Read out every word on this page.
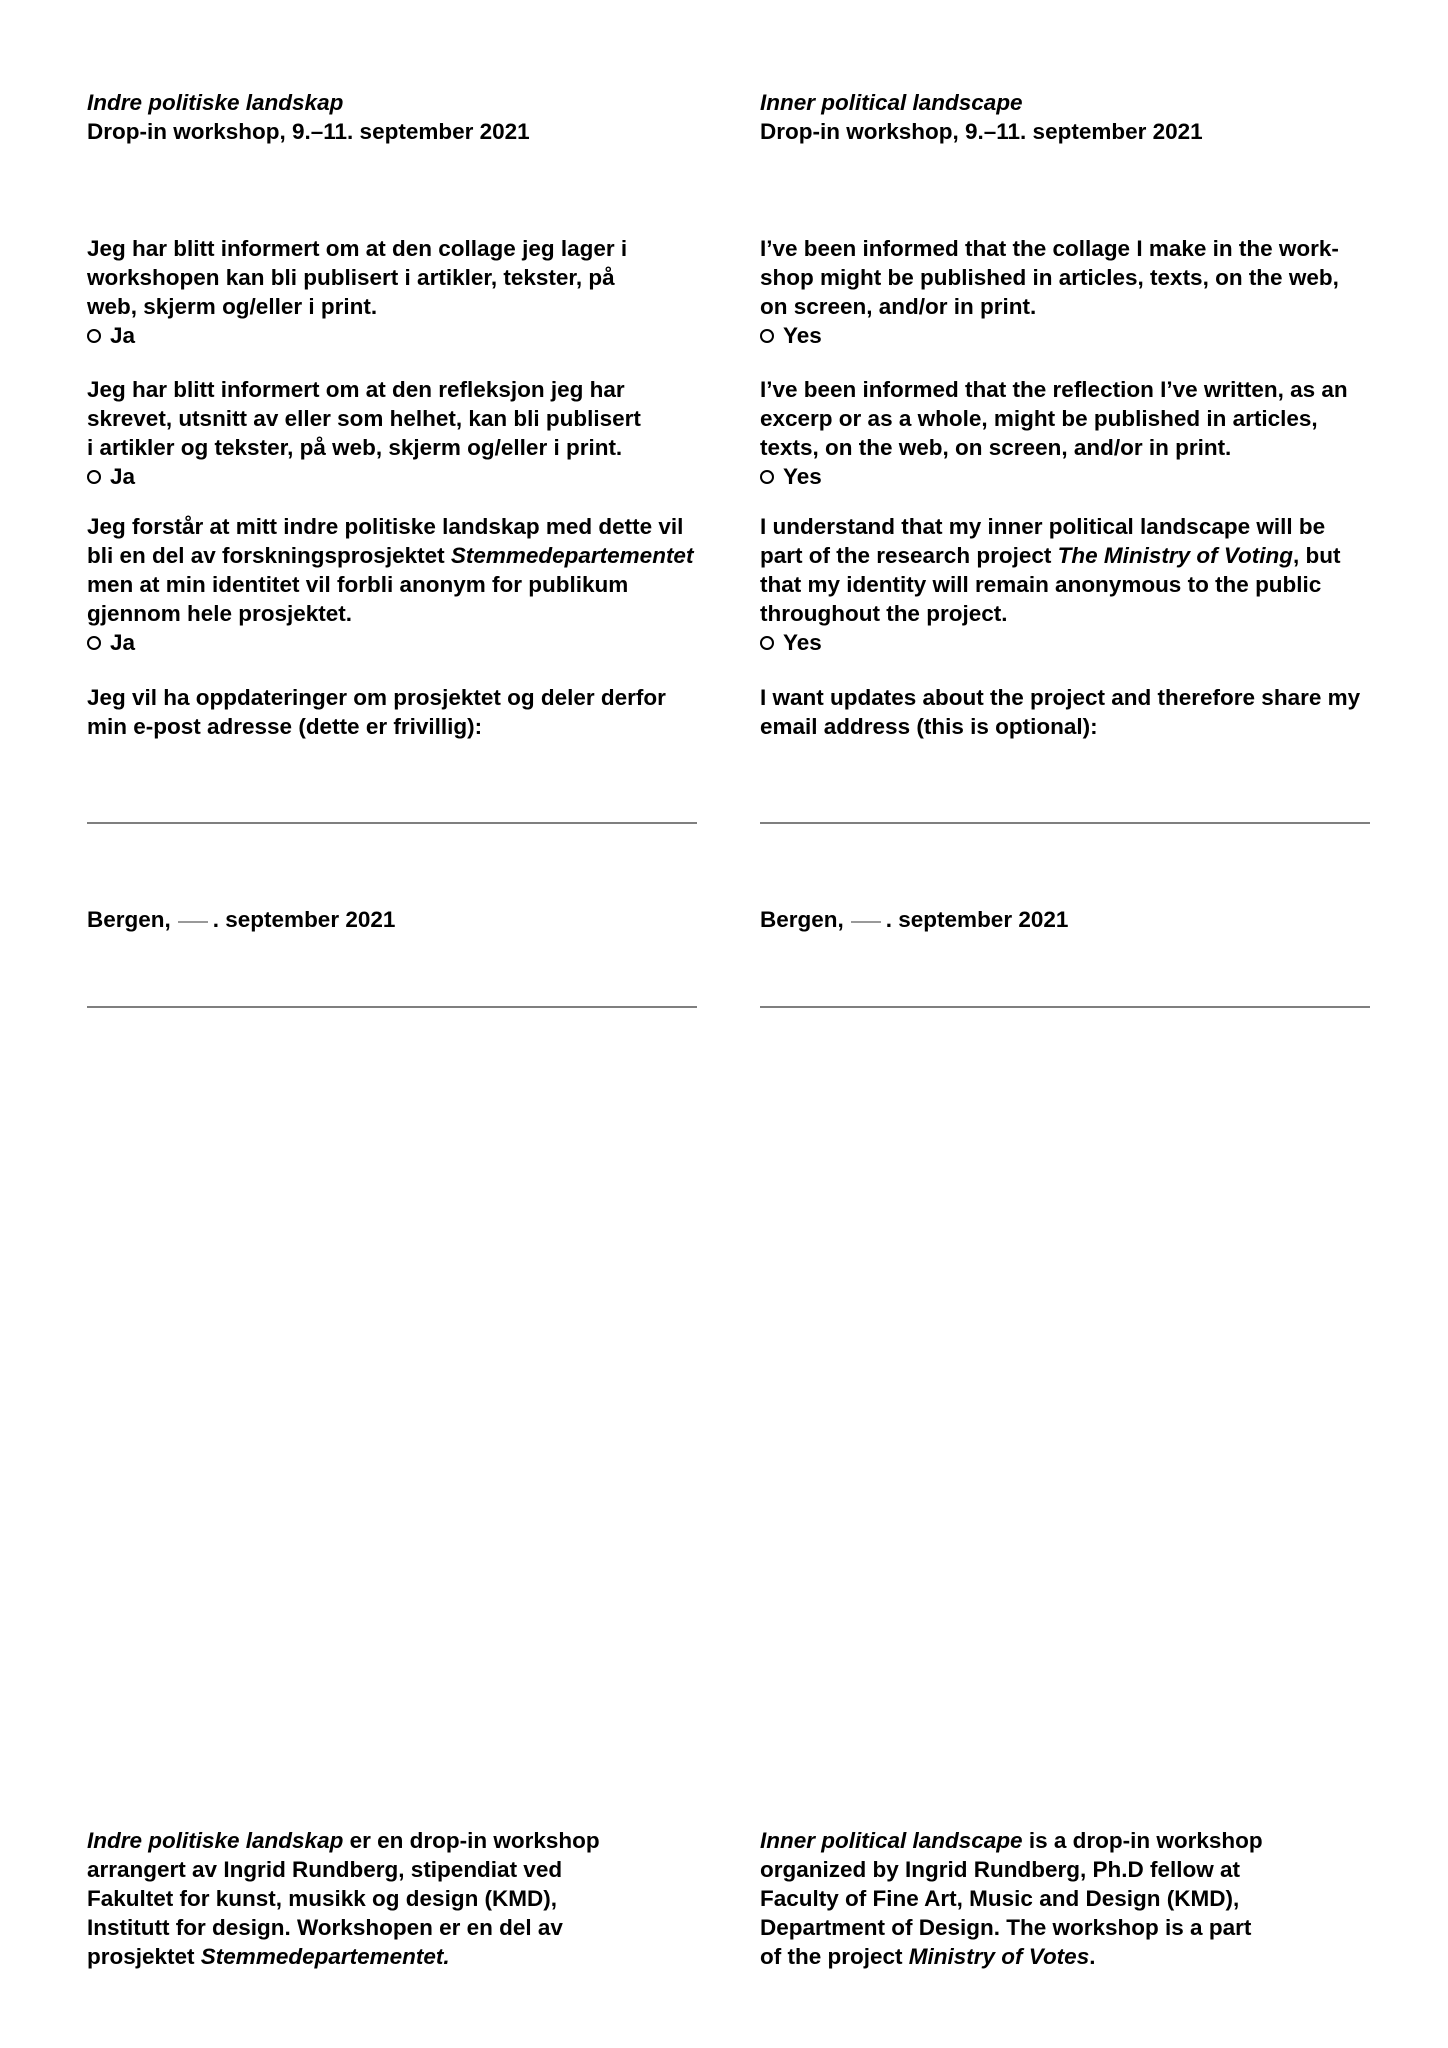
Indre politiske landskap
Drop-in workshop, 9.–11. september 2021
Jeg har blitt informert om at den collage jeg lager i
workshopen kan bli publisert i artikler, tekster, på
web, skjerm og/eller i print.
Ja
Jeg har blitt informert om at den refleksjon jeg har
skrevet, utsnitt av eller som helhet, kan bli publisert
i artikler og tekster, på web, skjerm og/eller i print.
Ja
Jeg forstår at mitt indre politiske landskap med dette vil
bli en del av forskningsprosjektet Stemmedepartementet
men at min identitet vil forbli anonym for publikum
gjennom hele prosjektet.
Ja
Jeg vil ha oppdateringer om prosjektet og deler derfor
min e-post adresse (dette er frivillig):
Bergen, . september 2021
Indre politiske landskap er en drop-in workshop
arrangert av Ingrid Rundberg, stipendiat ved
Fakultet for kunst, musikk og design (KMD),
Institutt for design. Workshopen er en del av
prosjektet Stemmedepartementet.
Inner political landscape
Drop-in workshop, 9.–11. september 2021
I’ve been informed that the collage I make in the work-
shop might be published in articles, texts, on the web,
on screen, and/or in print.
Yes
I’ve been informed that the reflection I’ve written, as an
excerp or as a whole, might be published in articles,
texts, on the web, on screen, and/or in print.
Yes
I understand that my inner political landscape will be
part of the research project The Ministry of Voting, but
that my identity will remain anonymous to the public
throughout the project.
Yes
I want updates about the project and therefore share my
email address (this is optional):
Bergen, . september 2021
Inner political landscape is a drop-in workshop
organized by Ingrid Rundberg, Ph.D fellow at
Faculty of Fine Art, Music and Design (KMD),
Department of Design. The workshop is a part
of the project Ministry of Votes.
